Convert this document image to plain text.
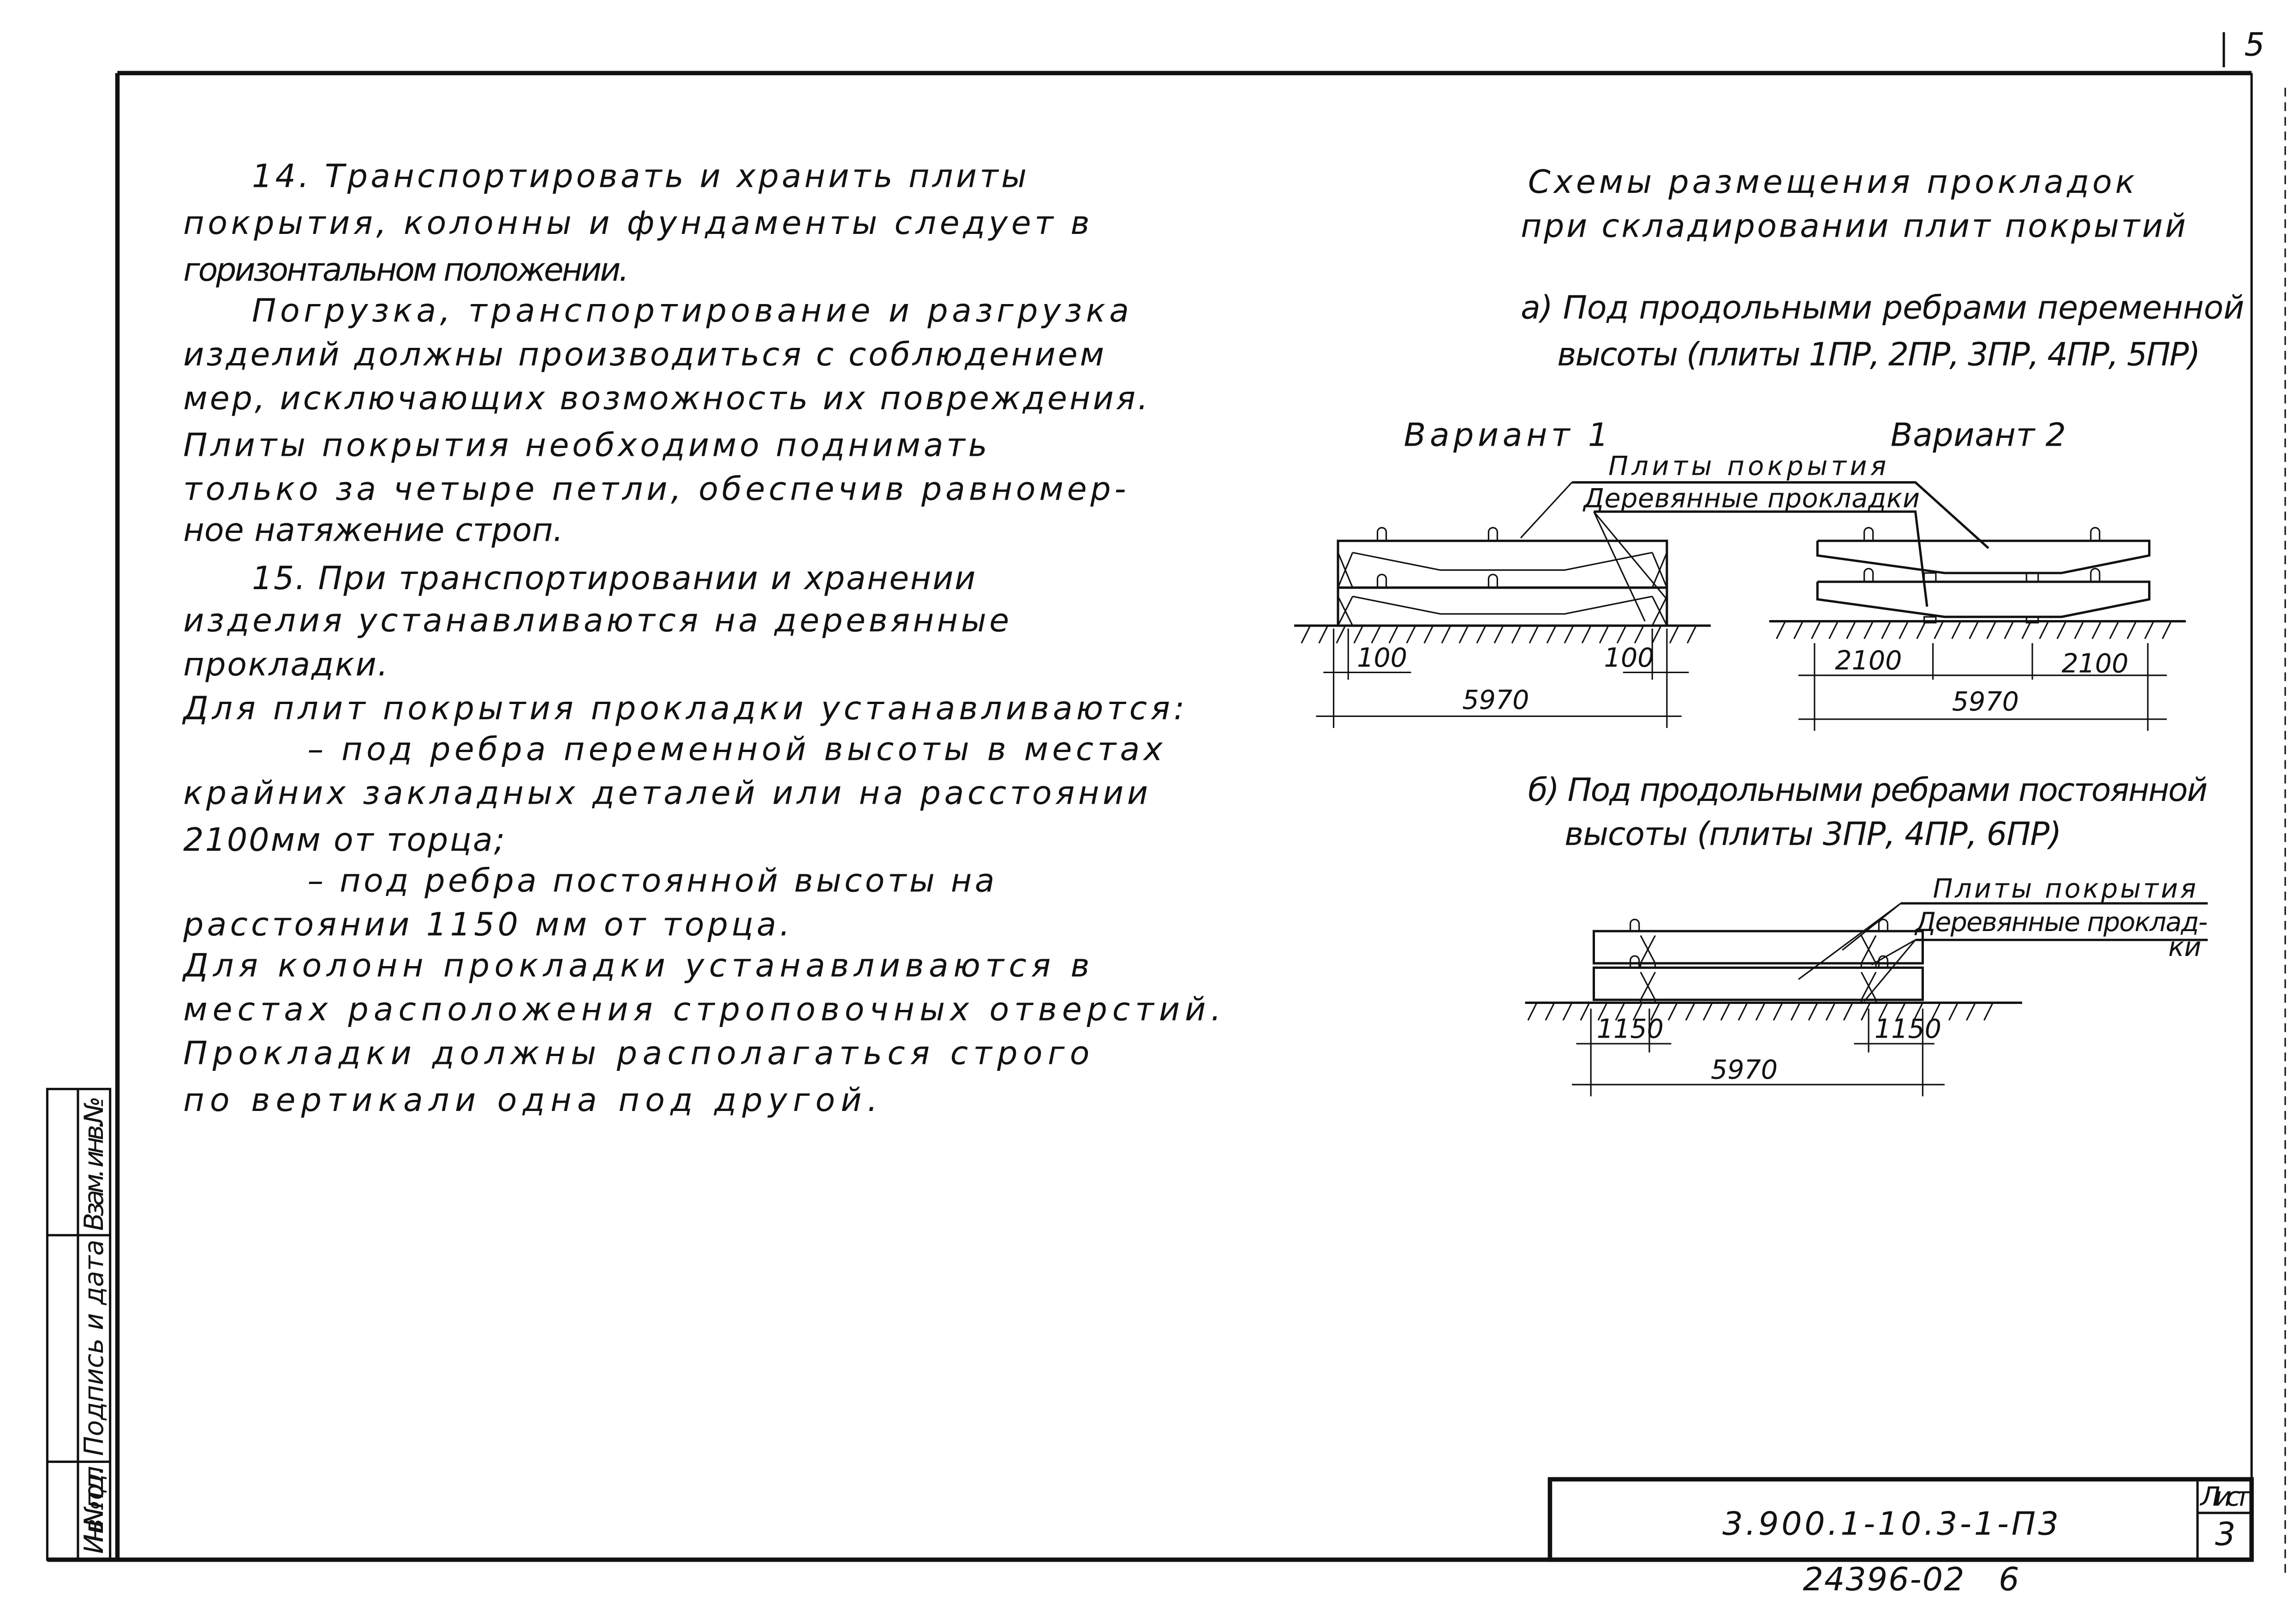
5
14. Транспортировать и хранить плиты
покрытия, колонны и фундаменты следует в
горизонтальном положении.
Погрузка, транспортирование и разгрузка
изделий должны производиться с соблюдением
мер, исключающих возможность их повреждения.
Плиты покрытия необходимо поднимать
только за четыре петли, обеспечив равномер-
ное натяжение строп.
15. При транспортировании и хранении
изделия устанавливаются на деревянные
прокладки.
Для плит покрытия прокладки устанавливаются:
– под ребра переменной высоты в местах
крайних закладных деталей или на расстоянии
2100мм от торца;
– под ребра постоянной высоты на
расстоянии 1150 мм от торца.
Для колонн прокладки устанавливаются в
местах расположения строповочных отверстий.
Прокладки должны располагаться строго
по вертикали одна под другой.
Схемы размещения прокладок
при складировании плит покрытий
а) Под продольными ребрами переменной
высоты (плиты 1ПР, 2ПР, 3ПР, 4ПР, 5ПР)
Вариант 1	Вариант 2
Плиты покрытия
Деревянные прокладки
100	100
5970
2100	2100
5970
б) Под продольными ребрами постоянной
высоты (плиты 3ПР, 4ПР, 6ПР)
Плиты покрытия
Деревянные проклад-
ки
1150	1150
5970
Взам. инв.№
Подпись и дата
Инв.№ подл.
3.900.1-10.3-1-П3
Лист
3
24396-02   6
